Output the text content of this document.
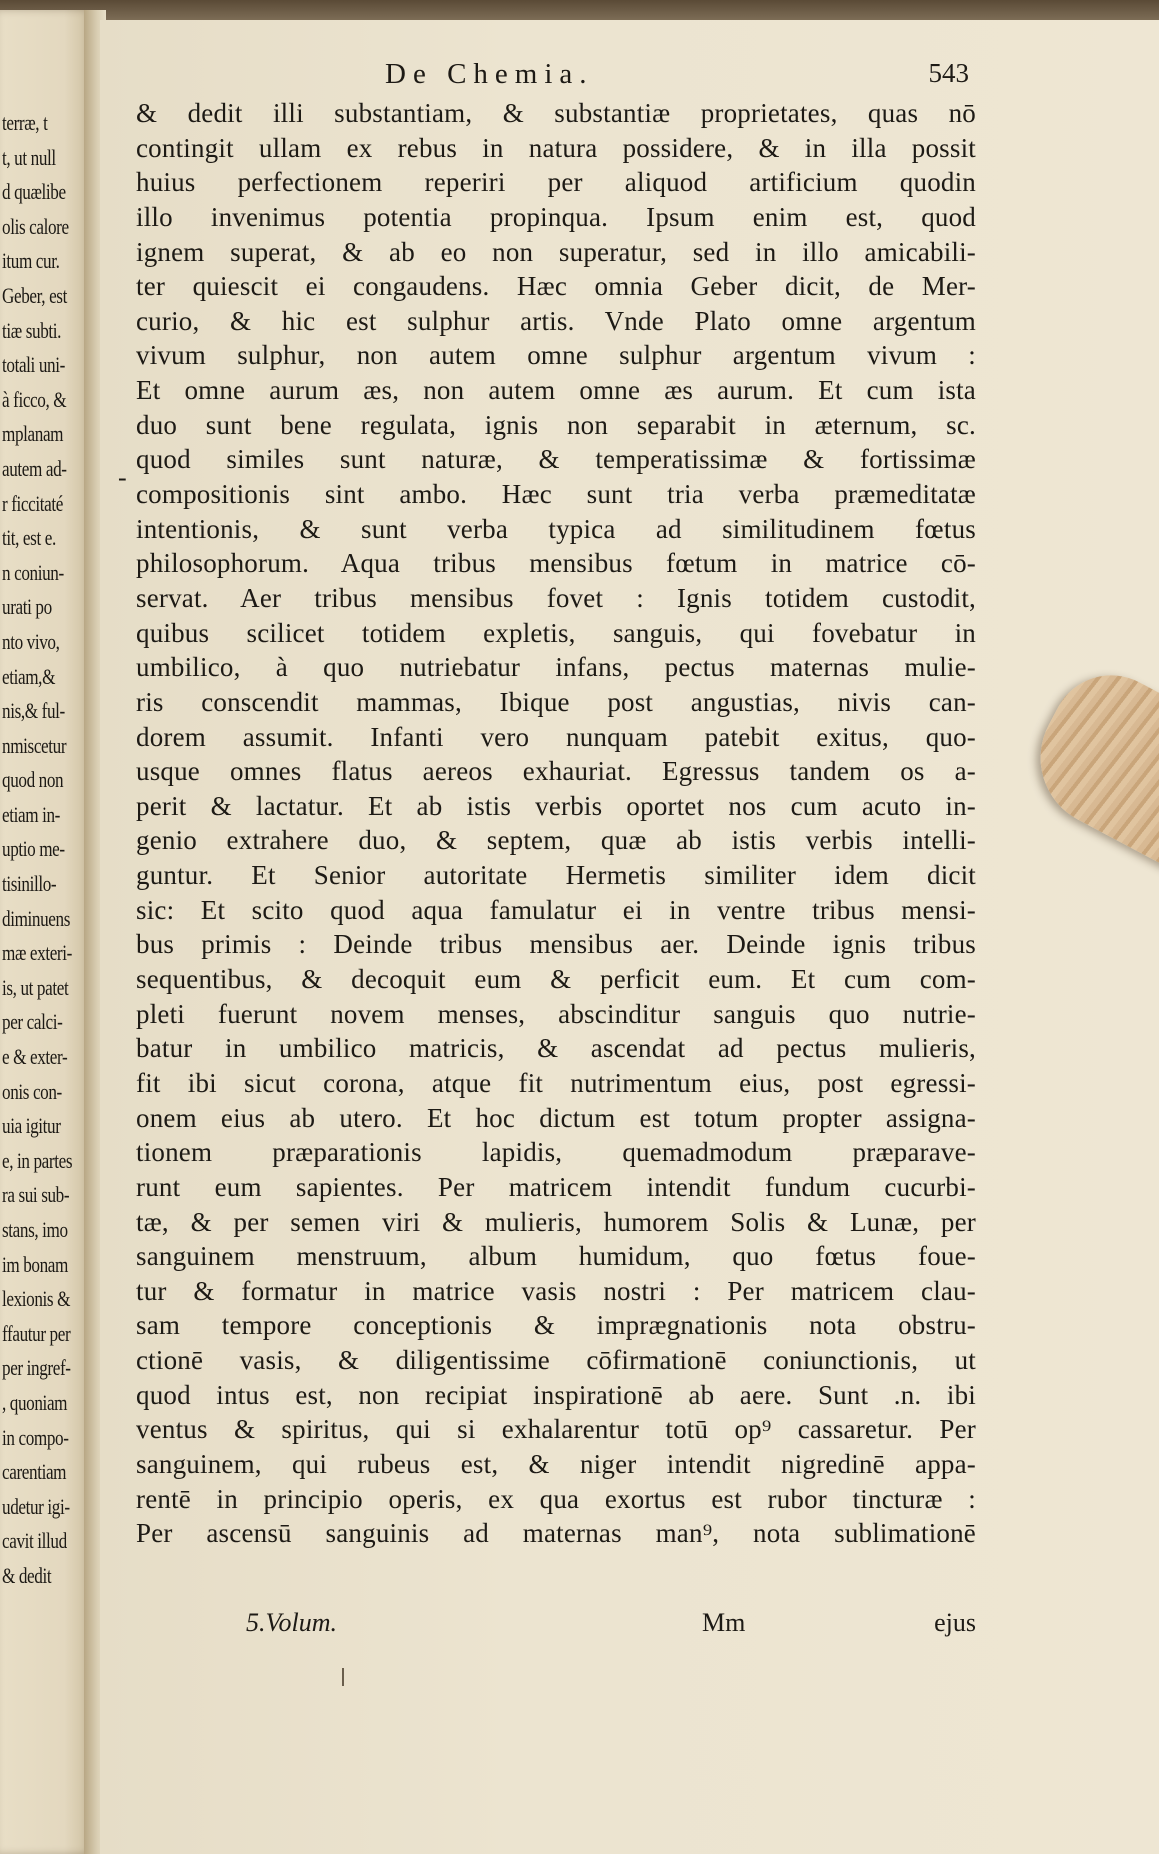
terræ, t
t, ut null
d quælibe
olis calore
itum cur.
Geber, est
tiæ subti.
totali uni-
à ficco, &
mplanam
autem ad-
r ficcitaté
tit, est e.
n coniun-
urati po
nto vivo,
etiam,&
nis,& ful-
nmiscetur
quod non
etiam in-
uptio me-
tisinillo-
diminuens
mæ exteri-
is, ut patet
per calci-
e & exter-
onis con-
uia igitur
e, in partes
ra sui sub-
stans, imo
im bonam
lexionis &
ffautur per
per ingref-
, quoniam
in compo-
carentiam
udetur igi-
cavit illud
& dedit
De Chemia.	543
-
& dedit illi substantiam, & substantiæ proprietates, quas nō
contingit ullam ex rebus in natura possidere, & in illa possit
huius perfectionem reperiri per aliquod artificium quodin
illo invenimus potentia propinqua. Ipsum enim est, quod
ignem superat, & ab eo non superatur, sed in illo amicabili-
ter quiescit ei congaudens. Hæc omnia Geber dicit, de Mer-
curio, & hic est sulphur artis. Vnde Plato omne argentum
vivum sulphur, non autem omne sulphur argentum vivum :
Et omne aurum æs, non autem omne æs aurum. Et cum ista
duo sunt bene regulata, ignis non separabit in æternum, sc.
quod similes sunt naturæ, & temperatissimæ & fortissimæ
compositionis sint ambo. Hæc sunt tria verba præmeditatæ
intentionis, & sunt verba typica ad similitudinem fœtus
philosophorum. Aqua tribus mensibus fœtum in matrice cō-
servat. Aer tribus mensibus fovet : Ignis totidem custodit,
quibus scilicet totidem expletis, sanguis, qui fovebatur in
umbilico, à quo nutriebatur infans, pectus maternas mulie-
ris conscendit mammas, Ibique post angustias, nivis can-
dorem assumit. Infanti vero nunquam patebit exitus, quo-
usque omnes flatus aereos exhauriat. Egressus tandem os a-
perit & lactatur. Et ab istis verbis oportet nos cum acuto in-
genio extrahere duo, & septem, quæ ab istis verbis intelli-
guntur. Et Senior autoritate Hermetis similiter idem dicit
sic: Et scito quod aqua famulatur ei in ventre tribus mensi-
bus primis : Deinde tribus mensibus aer. Deinde ignis tribus
sequentibus, & decoquit eum & perficit eum. Et cum com-
pleti fuerunt novem menses, abscinditur sanguis quo nutrie-
batur in umbilico matricis, & ascendat ad pectus mulieris,
fit ibi sicut corona, atque fit nutrimentum eius, post egressi-
onem eius ab utero. Et hoc dictum est totum propter assigna-
tionem præparationis lapidis, quemadmodum præparave-
runt eum sapientes. Per matricem intendit fundum cucurbi-
tæ, & per semen viri & mulieris, humorem Solis & Lunæ, per
sanguinem menstruum, album humidum, quo fœtus foue-
tur & formatur in matrice vasis nostri : Per matricem clau-
sam tempore conceptionis & imprægnationis nota obstru-
ctionē vasis, & diligentissime cōfirmationē coniunctionis, ut
quod intus est, non recipiat inspirationē ab aere. Sunt .n. ibi
ventus & spiritus, qui si exhalarentur totū op⁹ cassaretur. Per
sanguinem, qui rubeus est, & niger intendit nigredinē appa-
rentē in principio operis, ex qua exortus est rubor tincturæ :
Per ascensū sanguinis ad maternas man⁹, nota sublimationē
5.Volum.	Mm	ejus
